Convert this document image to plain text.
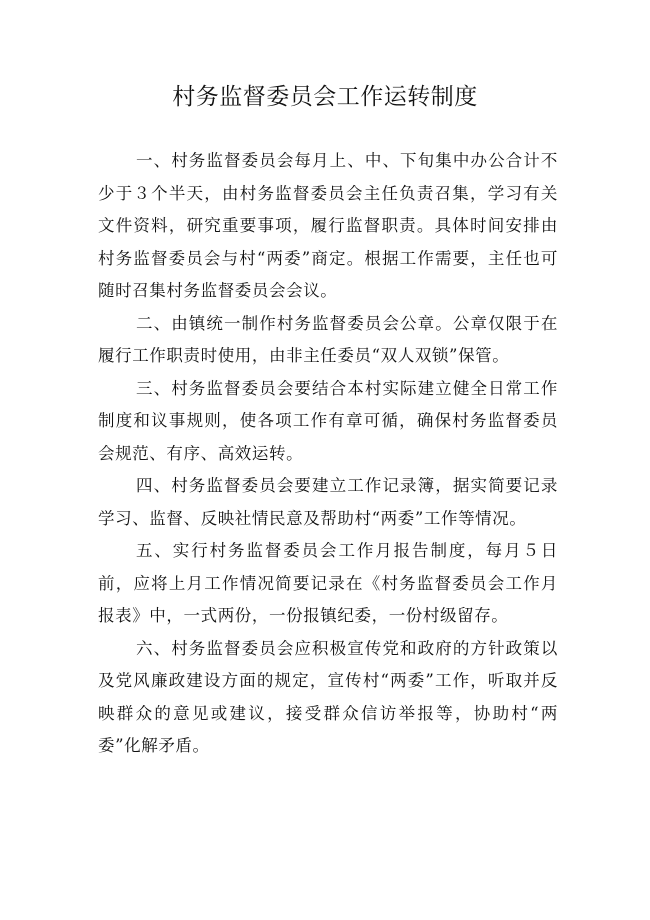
村务监督委员会工作运转制度

一、村务监督委员会每月上、中、下旬集中办公合计不少于３个半天，由村务监督委员会主任负责召集，学习有关文件资料，研究重要事项，履行监督职责。具体时间安排由村务监督委员会与村“两委”商定。根据工作需要，主任也可随时召集村务监督委员会会议。

二、由镇统一制作村务监督委员会公章。公章仅限于在履行工作职责时使用，由非主任委员“双人双锁”保管。

三、村务监督委员会要结合本村实际建立健全日常工作制度和议事规则，使各项工作有章可循，确保村务监督委员会规范、有序、高效运转。

四、村务监督委员会要建立工作记录簿，据实简要记录学习、监督、反映社情民意及帮助村“两委”工作等情况。

五、实行村务监督委员会工作月报告制度，每月５日前，应将上月工作情况简要记录在《村务监督委员会工作月报表》中，一式两份，一份报镇纪委，一份村级留存。

六、村务监督委员会应积极宣传党和政府的方针政策以及党风廉政建设方面的规定，宣传村“两委”工作，听取并反映群众的意见或建议，接受群众信访举报等，协助村“两委”化解矛盾。
